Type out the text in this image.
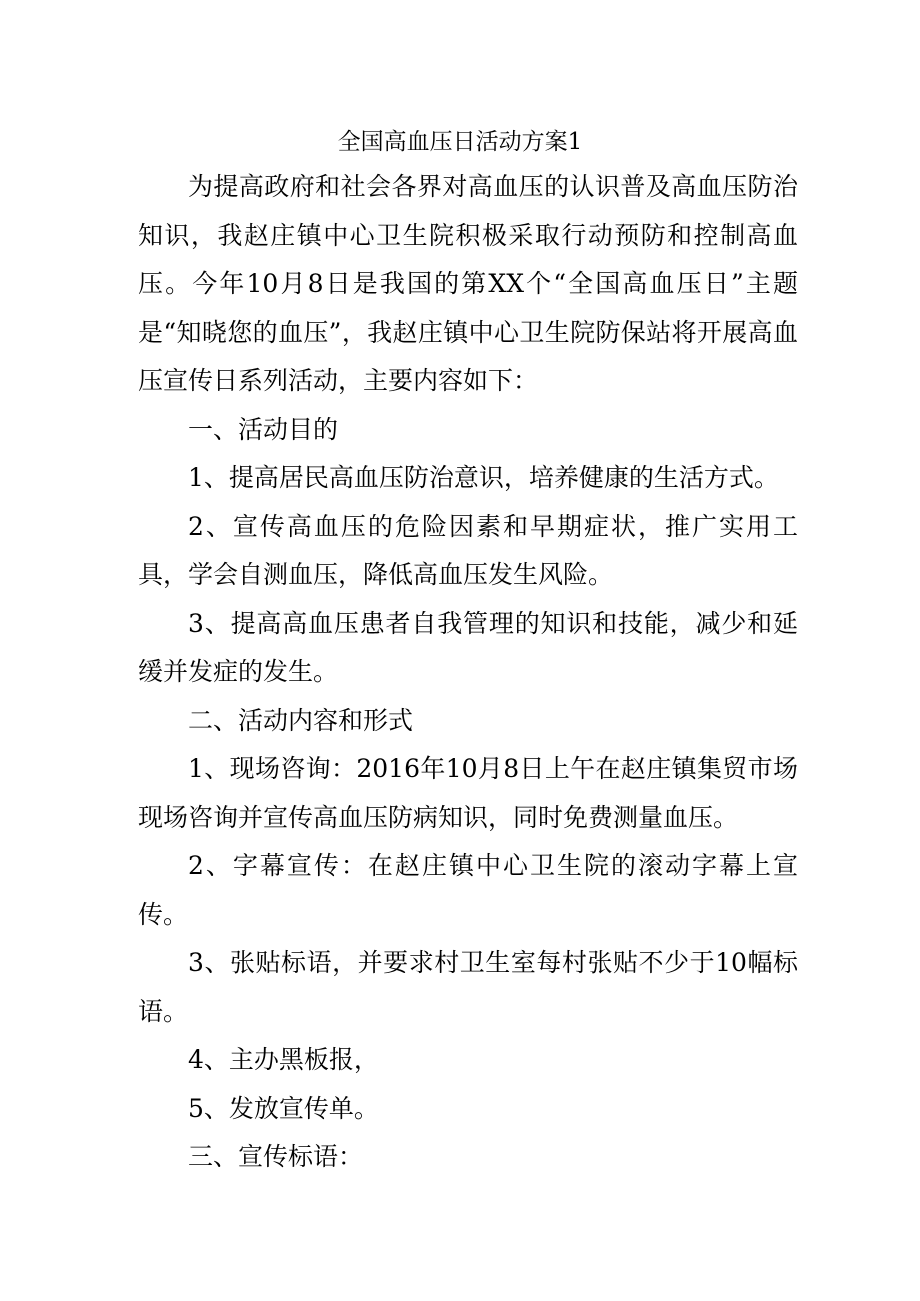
全国高血压日活动方案1

为提高政府和社会各界对高血压的认识普及高血压防治知识，我赵庄镇中心卫生院积极采取行动预防和控制高血压。今年10月8日是我国的第XX个“全国高血压日”主题是“知晓您的血压”，我赵庄镇中心卫生院防保站将开展高血压宣传日系列活动，主要内容如下：

一、活动目的

1、提高居民高血压防治意识，培养健康的生活方式。

2、宣传高血压的危险因素和早期症状，推广实用工具，学会自测血压，降低高血压发生风险。

3、提高高血压患者自我管理的知识和技能，减少和延缓并发症的发生。

二、活动内容和形式

1、现场咨询：2016年10月8日上午在赵庄镇集贸市场现场咨询并宣传高血压防病知识，同时免费测量血压。

2、字幕宣传：在赵庄镇中心卫生院的滚动字幕上宣传。

3、张贴标语，并要求村卫生室每村张贴不少于10幅标语。

4、主办黑板报，

5、发放宣传单。

三、宣传标语：
